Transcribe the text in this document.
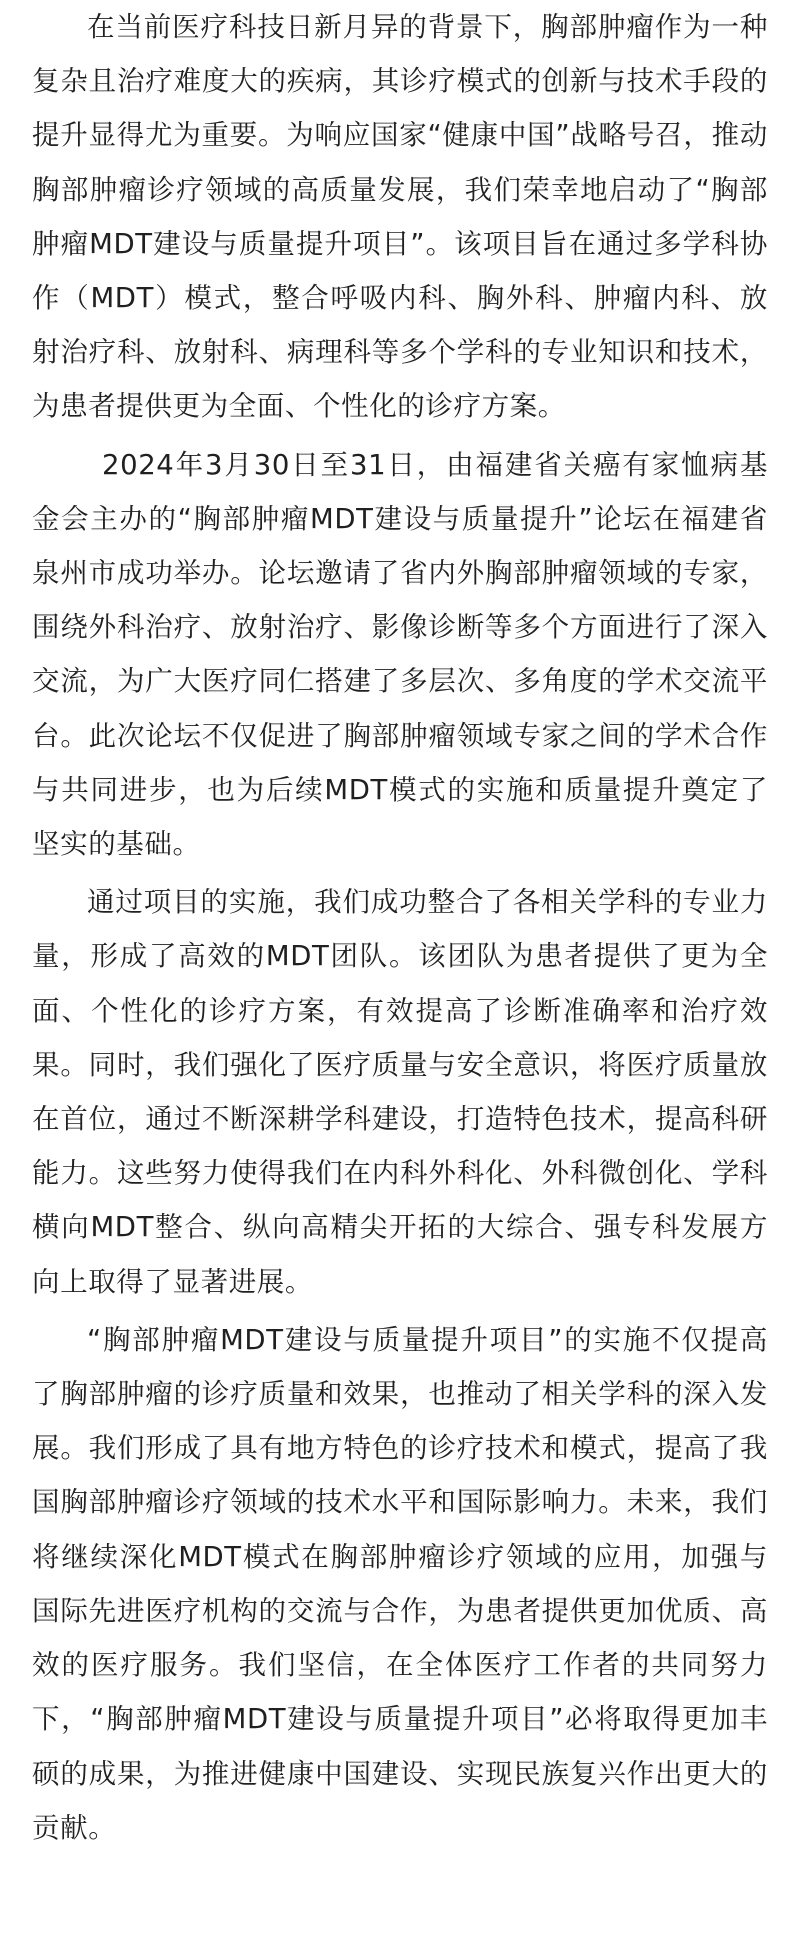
在当前医疗科技日新月异的背景下，胸部肿瘤作为一种复杂且治疗难度大的疾病，其诊疗模式的创新与技术手段的提升显得尤为重要。为响应国家“健康中国”战略号召，推动胸部肿瘤诊疗领域的高质量发展，我们荣幸地启动了“胸部肿瘤MDT建设与质量提升项目”。该项目旨在通过多学科协作（MDT）模式，整合呼吸内科、胸外科、肿瘤内科、放射治疗科、放射科、病理科等多个学科的专业知识和技术，为患者提供更为全面、个性化的诊疗方案。

2024年3月30日至31日，由福建省关癌有家恤病基金会主办的“胸部肿瘤MDT建设与质量提升”论坛在福建省泉州市成功举办。论坛邀请了省内外胸部肿瘤领域的专家，围绕外科治疗、放射治疗、影像诊断等多个方面进行了深入交流，为广大医疗同仁搭建了多层次、多角度的学术交流平台。此次论坛不仅促进了胸部肿瘤领域专家之间的学术合作与共同进步，也为后续MDT模式的实施和质量提升奠定了坚实的基础。

通过项目的实施，我们成功整合了各相关学科的专业力量，形成了高效的MDT团队。该团队为患者提供了更为全面、个性化的诊疗方案，有效提高了诊断准确率和治疗效果。同时，我们强化了医疗质量与安全意识，将医疗质量放在首位，通过不断深耕学科建设，打造特色技术，提高科研能力。这些努力使得我们在内科外科化、外科微创化、学科横向MDT整合、纵向高精尖开拓的大综合、强专科发展方向上取得了显著进展。

“胸部肿瘤MDT建设与质量提升项目”的实施不仅提高了胸部肿瘤的诊疗质量和效果，也推动了相关学科的深入发展。我们形成了具有地方特色的诊疗技术和模式，提高了我国胸部肿瘤诊疗领域的技术水平和国际影响力。未来，我们将继续深化MDT模式在胸部肿瘤诊疗领域的应用，加强与国际先进医疗机构的交流与合作，为患者提供更加优质、高效的医疗服务。我们坚信，在全体医疗工作者的共同努力下，“胸部肿瘤MDT建设与质量提升项目”必将取得更加丰硕的成果，为推进健康中国建设、实现民族复兴作出更大的贡献。
